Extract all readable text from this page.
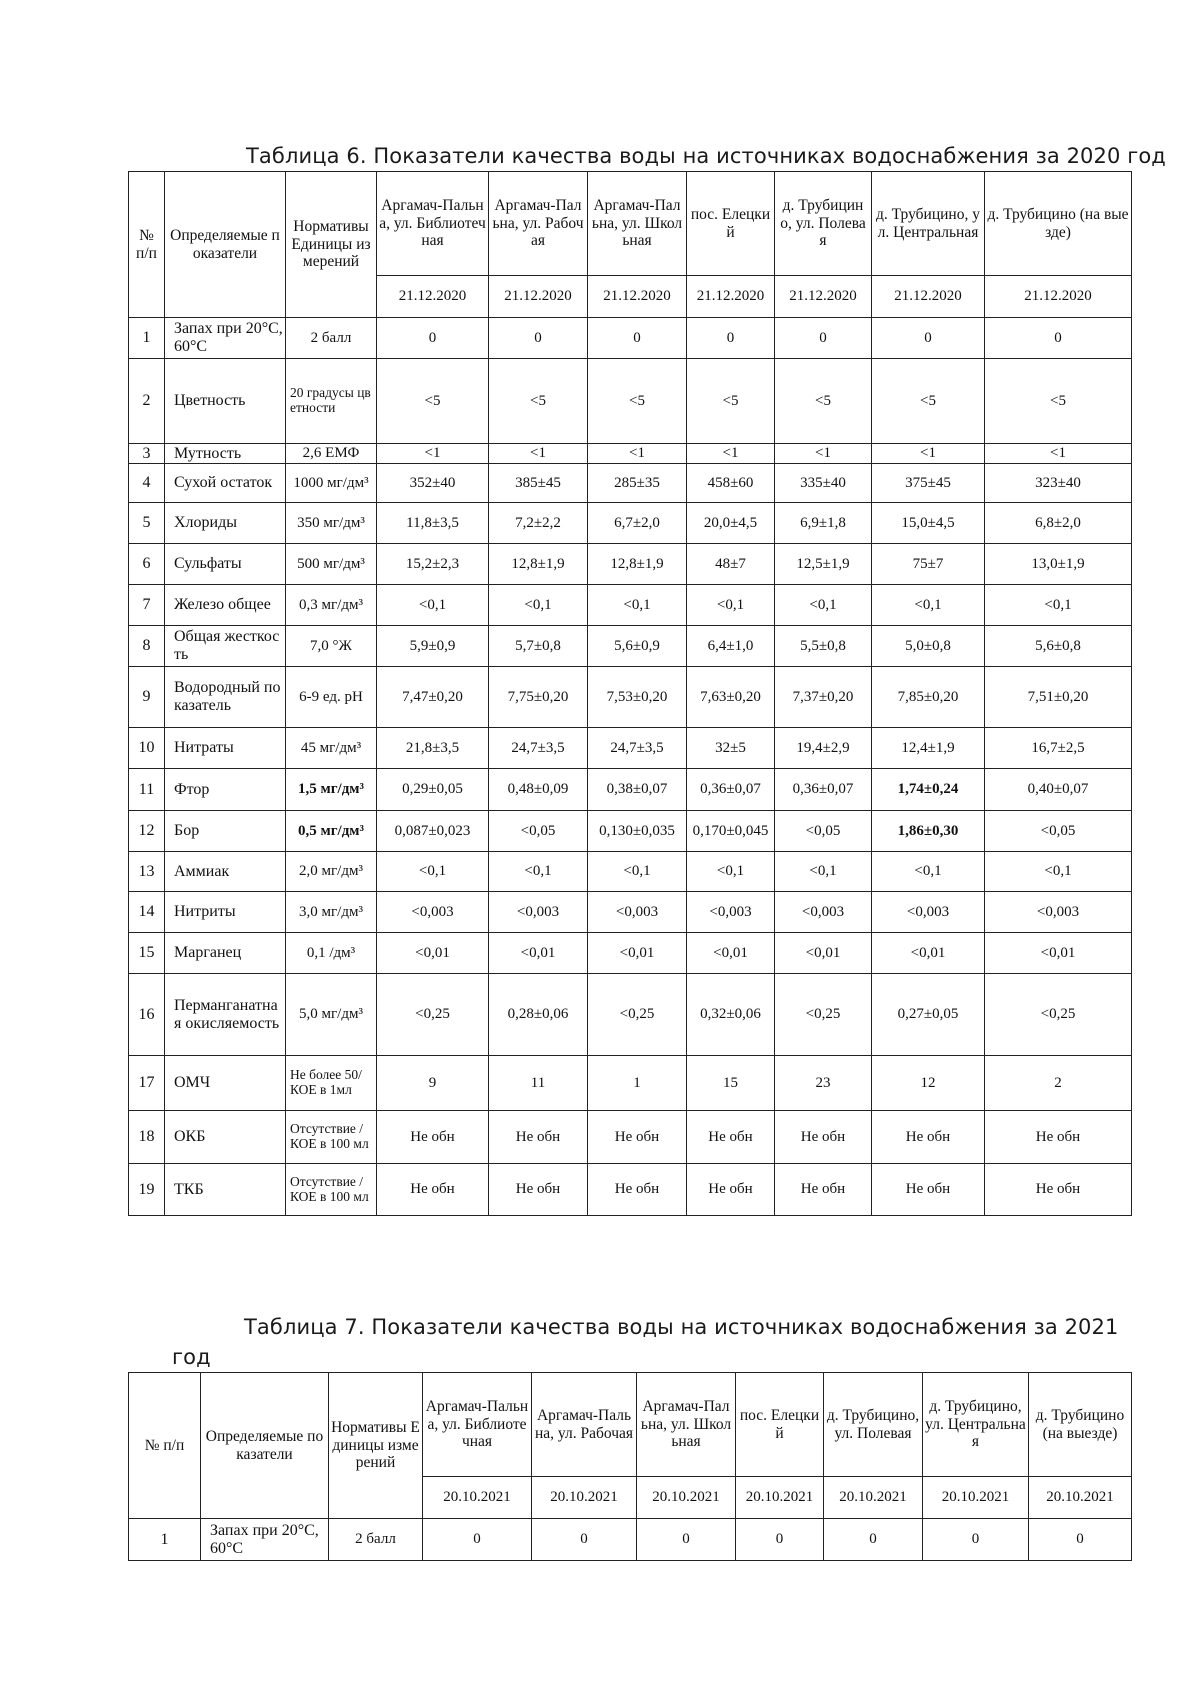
Таблица 6. Показатели качества воды на источниках водоснабжения за 2020 год
№ п/п	Определяемые показатели	Нормативы Единицы измерений	Аргамач-Пальна, ул. Библиотечная	Аргамач-Пальна, ул. Рабочая	Аргамач-Пальна, ул. Школьная	пос. Елецкий	д. Трубицино, ул. Полевая	д. Трубицино, ул. Центральная	д. Трубицино (на выезде)
			21.12.2020	21.12.2020	21.12.2020	21.12.2020	21.12.2020	21.12.2020	21.12.2020
1	Запах при 20°С, 60°С	2 балл	0	0	0	0	0	0	0
2	Цветность	20 градусы цветности	<5	<5	<5	<5	<5	<5	<5
3	Мутность	2,6 ЕМФ	<1	<1	<1	<1	<1	<1	<1
4	Сухой остаток	1000 мг/дм³	352±40	385±45	285±35	458±60	335±40	375±45	323±40
5	Хлориды	350 мг/дм³	11,8±3,5	7,2±2,2	6,7±2,0	20,0±4,5	6,9±1,8	15,0±4,5	6,8±2,0
6	Сульфаты	500 мг/дм³	15,2±2,3	12,8±1,9	12,8±1,9	48±7	12,5±1,9	75±7	13,0±1,9
7	Железо общее	0,3 мг/дм³	<0,1	<0,1	<0,1	<0,1	<0,1	<0,1	<0,1
8	Общая жесткость	7,0 °Ж	5,9±0,9	5,7±0,8	5,6±0,9	6,4±1,0	5,5±0,8	5,0±0,8	5,6±0,8
9	Водородный показатель	6-9 ед. pH	7,47±0,20	7,75±0,20	7,53±0,20	7,63±0,20	7,37±0,20	7,85±0,20	7,51±0,20
10	Нитраты	45 мг/дм³	21,8±3,5	24,7±3,5	24,7±3,5	32±5	19,4±2,9	12,4±1,9	16,7±2,5
11	Фтор	1,5 мг/дм³	0,29±0,05	0,48±0,09	0,38±0,07	0,36±0,07	0,36±0,07	1,74±0,24	0,40±0,07
12	Бор	0,5 мг/дм³	0,087±0,023	<0,05	0,130±0,035	0,170±0,045	<0,05	1,86±0,30	<0,05
13	Аммиак	2,0 мг/дм³	<0,1	<0,1	<0,1	<0,1	<0,1	<0,1	<0,1
14	Нитриты	3,0 мг/дм³	<0,003	<0,003	<0,003	<0,003	<0,003	<0,003	<0,003
15	Марганец	0,1 /дм³	<0,01	<0,01	<0,01	<0,01	<0,01	<0,01	<0,01
16	Перманганатная окисляемость	5,0 мг/дм³	<0,25	0,28±0,06	<0,25	0,32±0,06	<0,25	0,27±0,05	<0,25
17	ОМЧ	Не более 50/ КОЕ в 1мл	9	11	1	15	23	12	2
18	ОКБ	Отсутствие / КОЕ в 100 мл	Не обн	Не обн	Не обн	Не обн	Не обн	Не обн	Не обн
19	ТКБ	Отсутствие / КОЕ в 100 мл	Не обн	Не обн	Не обн	Не обн	Не обн	Не обн	Не обн
Таблица 7. Показатели качества воды на источниках водоснабжения за 2021
год
№ п/п	Определяемые показатели	Нормативы Единицы измерений	Аргамач-Пальна, ул. Библиотечная	Аргамач-Пальна, ул. Рабочая	Аргамач-Пальна, ул. Школьная	пос. Елецкий	д. Трубицино, ул. Полевая	д. Трубицино, ул. Центральная	д. Трубицино (на выезде)
			20.10.2021	20.10.2021	20.10.2021	20.10.2021	20.10.2021	20.10.2021	20.10.2021
1	Запах при 20°С, 60°С	2 балл	0	0	0	0	0	0	0
